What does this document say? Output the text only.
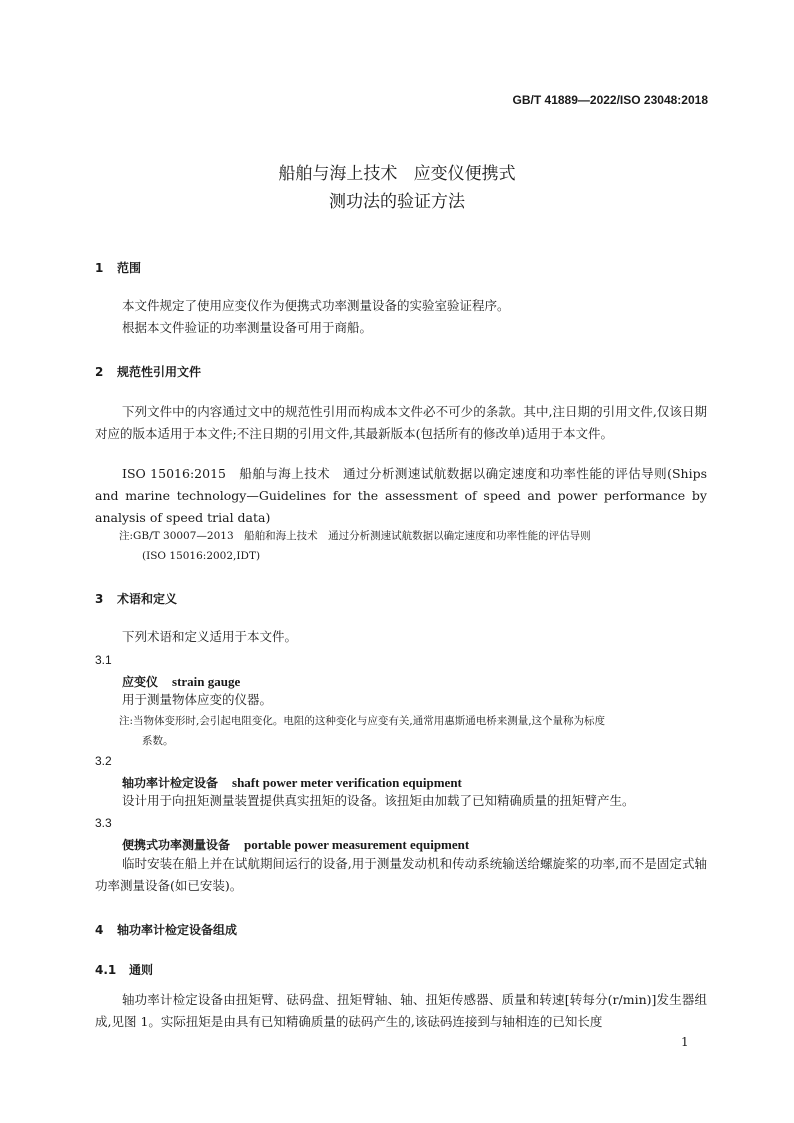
GB/T 41889—2022/ISO 23048:2018
船舶与海上技术   应变仪便携式
测功法的验证方法
1 范围
本文件规定了使用应变仪作为便携式功率测量设备的实验室验证程序。
根据本文件验证的功率测量设备可用于商船。
2 规范性引用文件
下列文件中的内容通过文中的规范性引用而构成本文件必不可少的条款。其中,注日期的引用文件,仅该日期对应的版本适用于本文件;不注日期的引用文件,其最新版本(包括所有的修改单)适用于本文件。
ISO 15016:2015　船舶与海上技术　通过分析测速试航数据以确定速度和功率性能的评估导则(Ships and marine technology—Guidelines for the assessment of speed and power performance by analysis of speed trial data)
注:GB/T 30007—2013　船舶和海上技术　通过分析测速试航数据以确定速度和功率性能的评估导则
(ISO 15016:2002,IDT)
3 术语和定义
下列术语和定义适用于本文件。
3.1
应变仪 strain gauge
用于测量物体应变的仪器。
注:当物体变形时,会引起电阻变化。电阻的这种变化与应变有关,通常用惠斯通电桥来测量,这个量称为标度
系数。
3.2
轴功率计检定设备 shaft power meter verification equipment
设计用于向扭矩测量装置提供真实扭矩的设备。该扭矩由加载了已知精确质量的扭矩臂产生。
3.3
便携式功率测量设备 portable power measurement equipment
临时安装在船上并在试航期间运行的设备,用于测量发动机和传动系统输送给螺旋桨的功率,而不是固定式轴功率测量设备(如已安装)。
4 轴功率计检定设备组成
4.1 通则
轴功率计检定设备由扭矩臂、砝码盘、扭矩臂轴、轴、扭矩传感器、质量和转速[转每分(r/min)]发生器组成,见图 1。实际扭矩是由具有已知精确质量的砝码产生的,该砝码连接到与轴相连的已知长度
1
